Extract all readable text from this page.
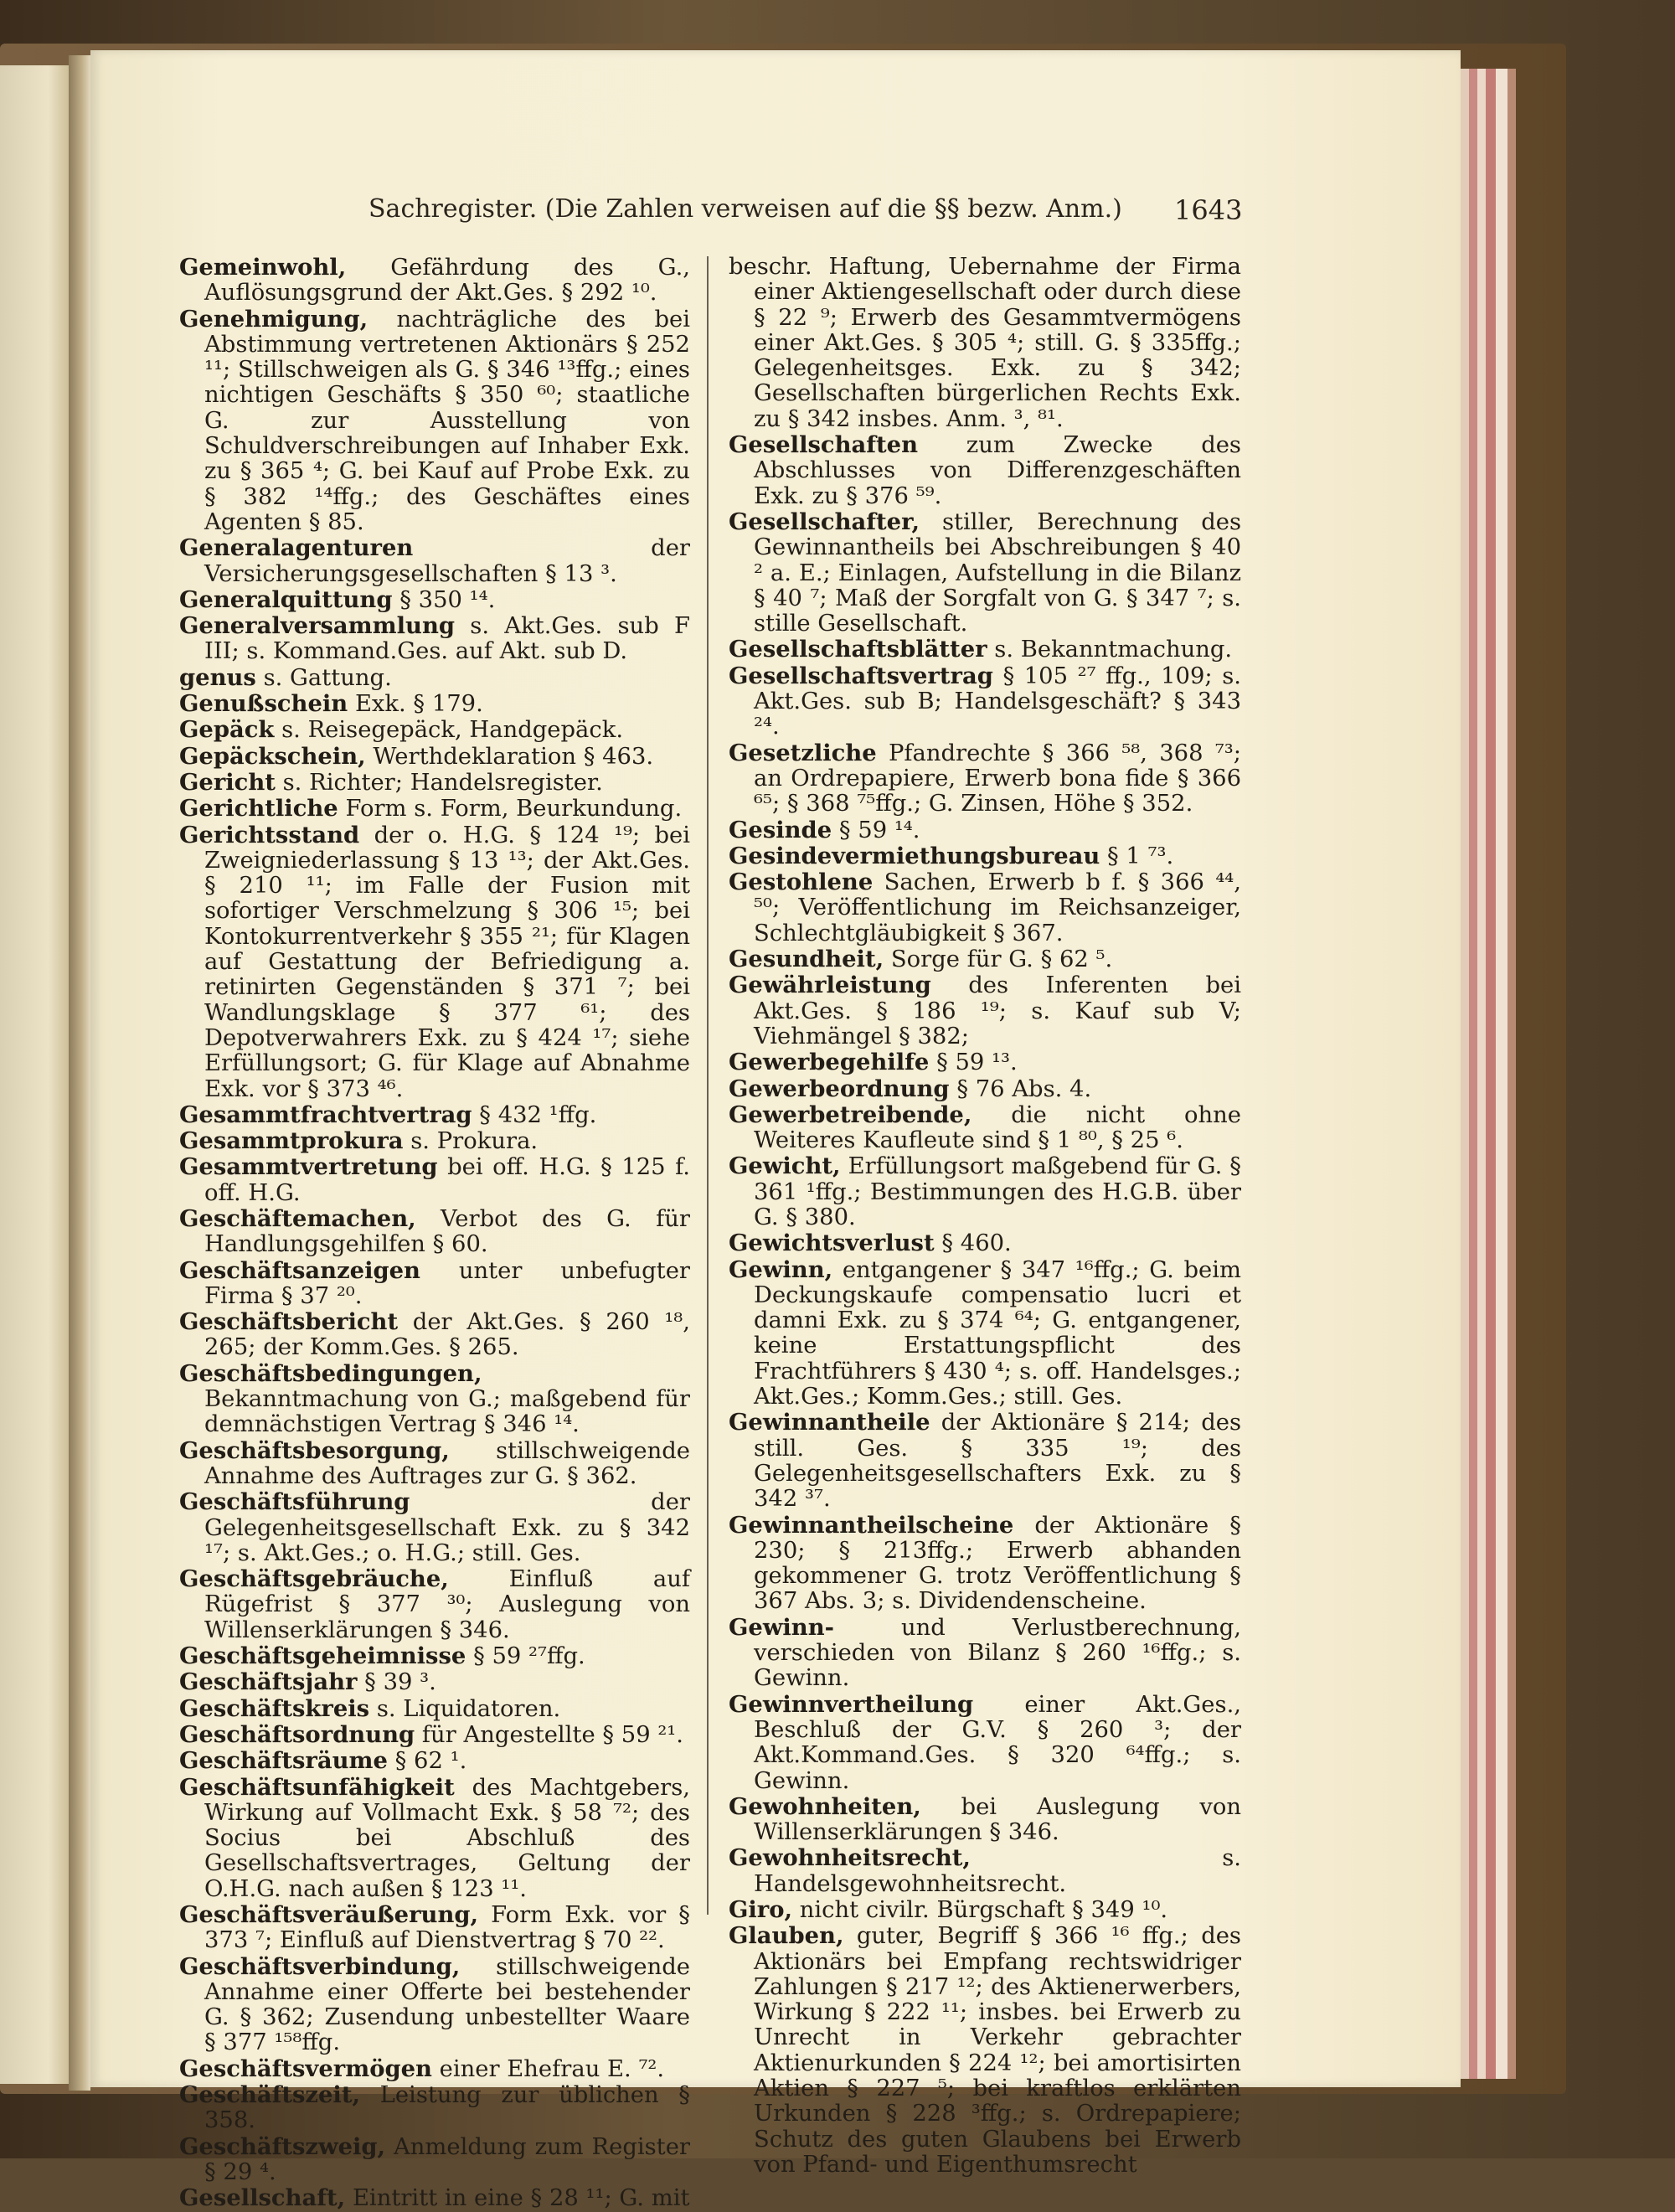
Sachregister. (Die Zahlen verweisen auf die §§ bezw. Anm.) 1643

Gemeinwohl, Gefährdung des G., Auflösungsgrund der Akt.Ges. § 292 ¹⁰.

Genehmigung, nachträgliche des bei Abstimmung vertretenen Aktionärs § 252 ¹¹; Stillschweigen als G. § 346 ¹³ffg.; eines nichtigen Geschäfts § 350 ⁶⁰; staatliche G. zur Ausstellung von Schuldverschreibungen auf Inhaber Exk. zu § 365 ⁴; G. bei Kauf auf Probe Exk. zu § 382 ¹⁴ffg.; des Geschäftes eines Agenten § 85.

Generalagenturen	der Versicherungsgesellschaften § 13 ³.

Generalquittung § 350 ¹⁴.

Generalversammlung s. Akt.Ges. sub F III; s. Kommand.Ges. auf Akt. sub D.

genus s. Gattung.

Genußschein Exk. § 179.

Gepäck s. Reisegepäck, Handgepäck.

Gepäckschein, Werthdeklaration § 463.

Gericht s. Richter; Handelsregister.

Gerichtliche Form s. Form, Beurkundung.

Gerichtsstand der o. H.G. § 124 ¹⁹; bei Zweigniederlassung § 13 ¹³; der Akt.Ges. § 210 ¹¹; im Falle der Fusion mit sofortiger Verschmelzung § 306 ¹⁵; bei Kontokurrentverkehr § 355 ²¹; für Klagen auf Gestattung der Befriedigung a. retinirten Gegenständen § 371 ⁷; bei Wandlungsklage § 377 ⁶¹; des Depotverwahrers Exk. zu § 424 ¹⁷; siehe Erfüllungsort; G. für Klage auf Abnahme Exk. vor § 373 ⁴⁶.

Gesammtfrachtvertrag § 432 ¹ffg.

Gesammtprokura s. Prokura.

Gesammtvertretung bei off. H.G. § 125 f. off. H.G.

Geschäftemachen, Verbot des G. für Handlungsgehilfen § 60.

Geschäftsanzeigen unter unbefugter Firma § 37 ²⁰.

Geschäftsbericht der Akt.Ges. § 260 ¹⁸, 265; der Komm.Ges. § 265.

Geschäftsbedingungen, Bekanntmachung von G.; maßgebend für demnächstigen Vertrag § 346 ¹⁴.

Geschäftsbesorgung, stillschweigende Annahme des Auftrages zur G. § 362.

Geschäftsführung	der Gelegenheitsgesellschaft Exk. zu § 342 ¹⁷; s. Akt.Ges.; o. H.G.; still. Ges.

Geschäftsgebräuche,	Einfluß auf Rügefrist § 377 ³⁰; Auslegung von Willenserklärungen § 346.

Geschäftsgeheimnisse § 59 ²⁷ffg.

Geschäftsjahr § 39 ³.

Geschäftskreis s. Liquidatoren.

Geschäftsordnung für Angestellte § 59 ²¹.

Geschäftsräume § 62 ¹.

Geschäftsunfähigkeit des Machtgebers, Wirkung auf Vollmacht Exk. § 58 ⁷²; des Socius bei Abschluß des Gesellschaftsvertrages, Geltung der O.H.G. nach außen § 123 ¹¹.

Geschäftsveräußerung, Form Exk. vor § 373 ⁷; Einfluß auf Dienstvertrag § 70 ²².

Geschäftsverbindung, stillschweigende Annahme einer Offerte bei bestehender G. § 362; Zusendung unbestellter Waare § 377 ¹⁵⁸ffg.

Geschäftsvermögen einer Ehefrau E. ⁷².

Geschäftszeit, Leistung zur üblichen § 358.

Geschäftszweig, Anmeldung zum Register § 29 ⁴.

Gesellschaft, Eintritt in eine § 28 ¹¹; G. mit

beschr. Haftung, Uebernahme der Firma einer Aktiengesellschaft oder durch diese § 22 ⁹; Erwerb des Gesammtvermögens einer Akt.Ges. § 305 ⁴; still. G. § 335ffg.; Gelegenheitsges. Exk. zu § 342; Gesellschaften bürgerlichen Rechts Exk. zu § 342 insbes. Anm. ³, ⁸¹.

Gesellschaften zum Zwecke des Abschlusses von Differenzgeschäften Exk. zu § 376 ⁵⁹.

Gesellschafter, stiller, Berechnung des Gewinnantheils bei Abschreibungen § 40 ² a. E.; Einlagen, Aufstellung in die Bilanz § 40 ⁷; Maß der Sorgfalt von G. § 347 ⁷; s. stille Gesellschaft.

Gesellschaftsblätter s. Bekanntmachung.

Gesellschaftsvertrag § 105 ²⁷ ffg., 109; s. Akt.Ges. sub B; Handelsgeschäft? § 343 ²⁴.

Gesetzliche Pfandrechte § 366 ⁵⁸, 368 ⁷³; an Ordrepapiere, Erwerb bona fide § 366 ⁶⁵; § 368 ⁷⁵ffg.; G. Zinsen, Höhe § 352.

Gesinde § 59 ¹⁴.

Gesindevermiethungsbureau § 1 ⁷³.

Gestohlene Sachen, Erwerb b f. § 366 ⁴⁴, ⁵⁰; Veröffentlichung im Reichsanzeiger, Schlechtgläubigkeit § 367.

Gesundheit, Sorge für G. § 62 ⁵.

Gewährleistung des Inferenten bei Akt.Ges. § 186 ¹⁹; s. Kauf sub V; Viehmängel § 382;

Gewerbegehilfe § 59 ¹³.

Gewerbeordnung § 76 Abs. 4.

Gewerbetreibende, die nicht ohne Weiteres Kaufleute sind § 1 ⁸⁰, § 25 ⁶.

Gewicht, Erfüllungsort maßgebend für G. § 361 ¹ffg.; Bestimmungen des H.G.B. über G. § 380.

Gewichtsverlust § 460.

Gewinn, entgangener § 347 ¹⁶ffg.; G. beim Deckungskaufe compensatio lucri et damni Exk. zu § 374 ⁶⁴; G. entgangener, keine Erstattungspflicht des Frachtführers § 430 ⁴; s. off. Handelsges.; Akt.Ges.; Komm.Ges.; still. Ges.

Gewinnantheile der Aktionäre § 214; des still. Ges. § 335 ¹⁹; des Gelegenheitsgesellschafters Exk. zu § 342 ³⁷.

Gewinnantheilscheine der Aktionäre § 230; § 213ffg.; Erwerb abhanden gekommener G. trotz Veröffentlichung § 367 Abs. 3; s. Dividendenscheine.

Gewinn-	und Verlustberechnung, verschieden von Bilanz § 260 ¹⁶ffg.; s. Gewinn.

Gewinnvertheilung einer Akt.Ges., Beschluß der G.V. § 260 ³; der Akt.Kommand.Ges. § 320 ⁶⁴ffg.; s. Gewinn.

Gewohnheiten, bei Auslegung von Willenserklärungen § 346.

Gewohnheitsrecht,	s. Handelsgewohnheitsrecht.

Giro, nicht civilr. Bürgschaft § 349 ¹⁰.

Glauben, guter, Begriff § 366 ¹⁶ ffg.; des Aktionärs bei Empfang rechtswidriger Zahlungen § 217 ¹²; des Aktienerwerbers, Wirkung § 222 ¹¹; insbes. bei Erwerb zu Unrecht in Verkehr gebrachter Aktienurkunden § 224 ¹²; bei amortisirten Aktien § 227 ⁵; bei kraftlos erklärten Urkunden § 228 ³ffg.; s. Ordrepapiere; Schutz des guten Glaubens bei Erwerb von Pfand- und Eigenthumsrecht
